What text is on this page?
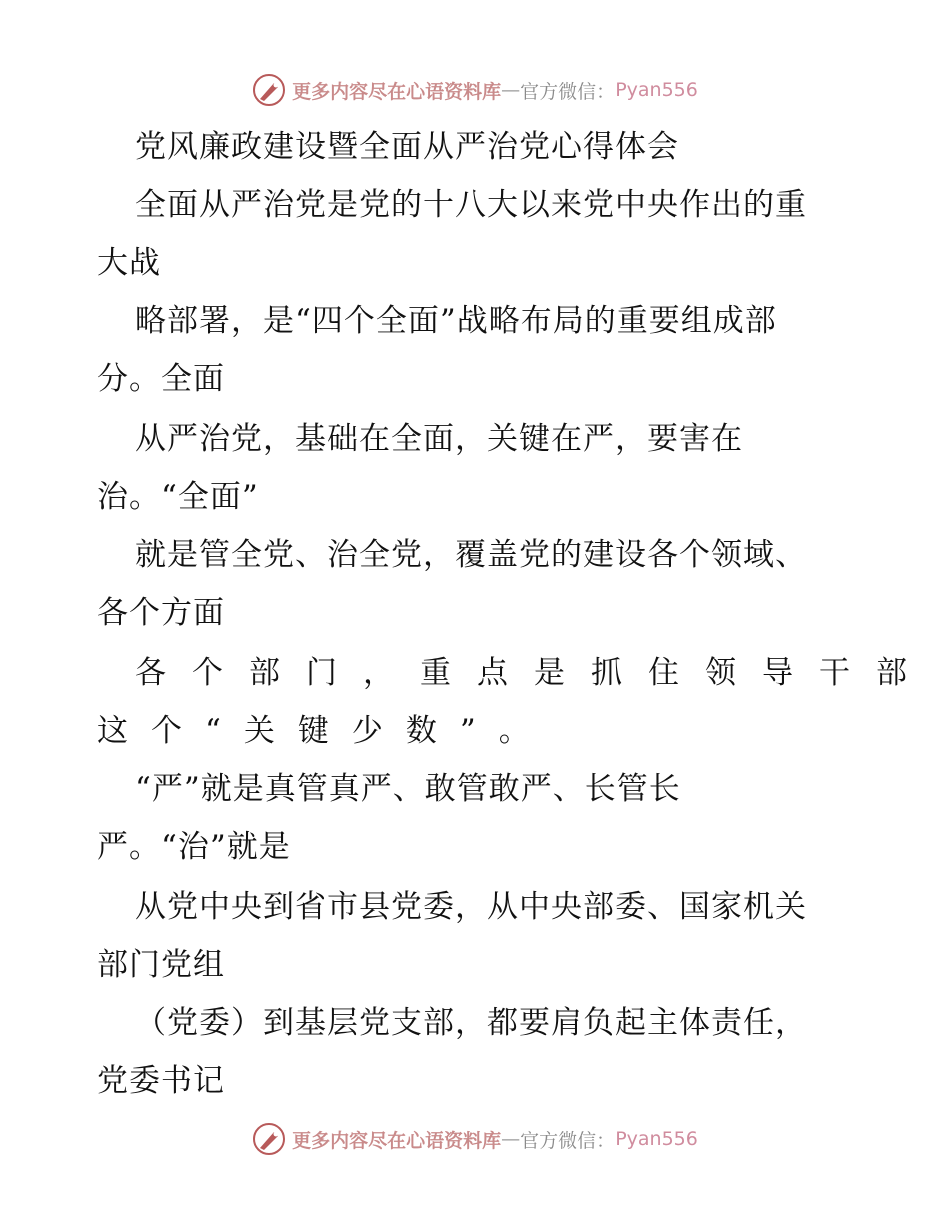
更多内容尽在心语资料库 — 官方微信： Pyan556
党风廉政建设暨全面从严治党心得体会
全面从严治党是党的十八大以来党中央作出的重
大战
略部署，是“四个全面”战略布局的重要组成部
分。全面
从严治党，基础在全面，关键在严，要害在
治。“全面”
就是管全党、治全党，覆盖党的建设各个领域、
各个方面
各个部门，重点是抓住领导干部
这个“关键少数”。
“严”就是真管真严、敢管敢严、长管长
严。“治”就是
从党中央到省市县党委，从中央部委、国家机关
部门党组
（党委）到基层党支部，都要肩负起主体责任，
党委书记
更多内容尽在心语资料库 — 官方微信： Pyan556
